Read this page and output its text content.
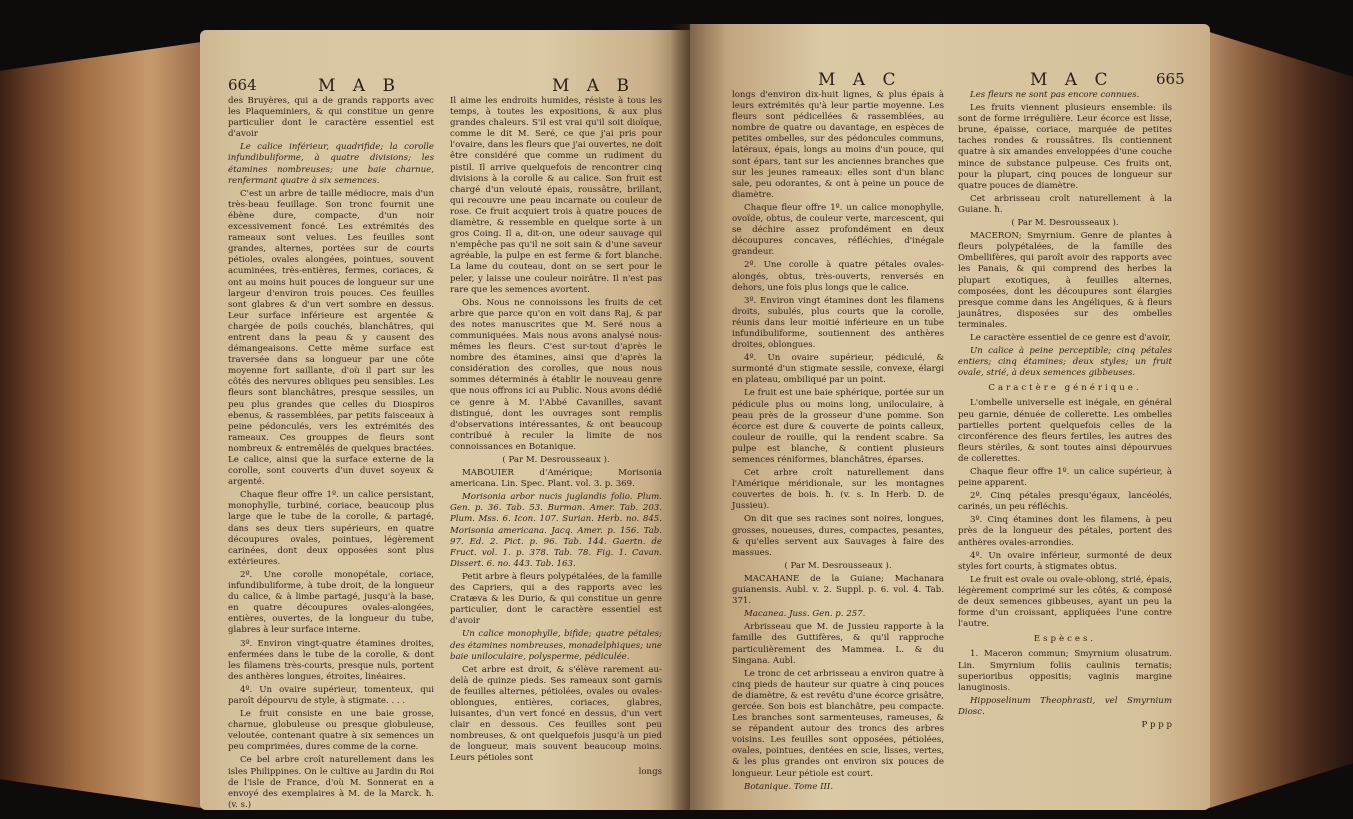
664	M A B	M A B

des Bruyères, qui a de grands rapports avec les Plaqueminiers, & qui constitue un genre particulier dont le caractère essentiel est d'avoir

Le calice inférieur, quadrifide; la corolle infundibuliforme, à quatre divisions; les étamines nombreuses; une baie charnue, renfermant quatre à six semences.

C'est un arbre de taille médiocre, mais d'un très-beau feuillage. Son tronc fournit une ébène dure, compacte, d'un noir excessivement foncé. Les extrémités des rameaux sont velues. Les feuilles sont grandes, alternes, portées sur de courts pétioles, ovales alongées, pointues, souvent acuminées, très-entières, fermes, coriaces, & ont au moins huit pouces de longueur sur une largeur d'environ trois pouces. Ces feuilles sont glabres & d'un vert sombre en dessus. Leur surface inférieure est argentée & chargée de poils couchés, blanchâtres, qui entrent dans la peau & y causent des démangeaisons. Cette même surface est traversée dans sa longueur par une côte moyenne fort saillante, d'où il part sur les côtés des nervures obliques peu sensibles. Les fleurs sont blanchâtres, presque sessiles, un peu plus grandes que celles du Diospiros ebenus, & rassemblées, par petits faisceaux à peine pédonculés, vers les extrémités des rameaux. Ces grouppes de fleurs sont nombreux & entremêlés de quelques bractées. Le calice, ainsi que la surface externe de la corolle, sont couverts d'un duvet soyeux & argenté.

Chaque fleur offre 1º. un calice persistant, monophylle, turbiné, coriace, beaucoup plus large que le tube de la corolle, & partagé, dans ses deux tiers supérieurs, en quatre découpures ovales, pointues, légèrement carinées, dont deux opposées sont plus extérieures.

2º. Une corolle monopétale, coriace, infundibuliforme, à tube droit, de la longueur du calice, & à limbe partagé, jusqu'à la base, en quatre découpures ovales-alongées, entières, ouvertes, de la longueur du tube, glabres à leur surface interne.

3º. Environ vingt-quatre étamines droites, enfermées dans le tube de la corolle, & dont les filamens très-courts, presque nuls, portent des anthères longues, étroites, linéaires.

4º. Un ovaire supérieur, tomenteux, qui paroît dépourvu de style, à stigmate. . . .

Le fruit consiste en une baie grosse, charnue, globuleuse ou presque globuleuse, veloutée, contenant quatre à six semences un peu comprimées, dures comme de la corne.

Ce bel arbre croît naturellement dans les isles Philippines. On le cultive au Jardin du Roi de l'isle de France, d'où M. Sonnerat en a envoyé des exemplaires à M. de la Marck. ħ. (v. s.)

Il aime les endroits humides, résiste à tous les temps, à toutes les expositions, & aux plus grandes chaleurs. S'il est vrai qu'il soit dioïque, comme le dit M. Seré, ce que j'ai pris pour l'ovaire, dans les fleurs que j'ai ouvertes, ne doit être considéré que comme un rudiment du pistil. Il arrive quelquefois de rencontrer cinq divisions à la corolle & au calice. Son fruit est chargé d'un velouté épais, roussâtre, brillant, qui recouvre une peau incarnate ou couleur de rose. Ce fruit acquiert trois à quatre pouces de diamètre, & ressemble en quelque sorte à un gros Coing. Il a, dit-on, une odeur sauvage qui n'empêche pas qu'il ne soit sain & d'une saveur agréable, la pulpe en est ferme & fort blanche. La lame du couteau, dont on se sert pour le peler, y laisse une couleur noirâtre. Il n'est pas rare que les semences avortent.

Obs. Nous ne connoissons les fruits de cet arbre que parce qu'on en voit dans Raj, & par des notes manuscrites que M. Seré nous a communiquées. Mais nous avons analysé nous-mêmes les fleurs. C'est sur-tout d'après le nombre des étamines, ainsi que d'après la considération des corolles, que nous nous sommes déterminés à établir le nouveau genre que nous offrons ici au Public. Nous avons dédié ce genre à M. l'Abbé Cavanilles, savant distingué, dont les ouvrages sont remplis d'observations intéressantes, & ont beaucoup contribué à reculer la limite de nos connoissances en Botanique.

( Par M. Desrousseaux ).

MABOUIER d'Amérique; Morisonia americana. Lin. Spec. Plant. vol. 3. p. 369.

Morisonia arbor nucis juglandis folio. Plum. Gen. p. 36. Tab. 53. Burman. Amer. Tab. 203. Plum. Mss. 6. Icon. 107. Surian. Herb. no. 845. Morisonia americana. Jacq. Amer. p. 156. Tab. 97. Ed. 2. Pict. p. 96. Tab. 144. Gaertn. de Fruct. vol. 1. p. 378. Tab. 78. Fig. 1. Cavan. Dissert. 6. no. 443. Tab. 163.

Petit arbre à fleurs polypétalées, de la famille des Capriers, qui a des rapports avec les Cratæva & les Durio, & qui constitue un genre particulier, dont le caractère essentiel est d'avoir

Un calice monophylle, bifide; quatre pétales; des étamines nombreuses, monadelphiques; une baie uniloculaire, polysperme, pédiculée.

Cet arbre est droit, & s'élève rarement au-delà de quinze pieds. Ses rameaux sont garnis de feuilles alternes, pétiolées, ovales ou ovales-oblongues, entières, coriaces, glabres, luisantes, d'un vert foncé en dessus, d'un vert clair en dessous. Ces feuilles sont peu nombreuses, & ont quelquefois jusqu'à un pied de longueur, mais souvent beaucoup moins. Leurs pétioles sont

longs

M A C	M A C	665

longs d'environ dix-huit lignes, & plus épais à leurs extrémités qu'à leur partie moyenne. Les fleurs sont pédicellées & rassemblées, au nombre de quatre ou davantage, en espèces de petites ombelles, sur des pédoncules communs, latéraux, épais, longs au moins d'un pouce, qui sont épars, tant sur les anciennes branches que sur les jeunes rameaux: elles sont d'un blanc sale, peu odorantes, & ont à peine un pouce de diamètre.

Chaque fleur offre 1º. un calice monophylle, ovoïde, obtus, de couleur verte, marcescent, qui se déchire assez profondément en deux découpures concaves, réfléchies, d'inégale grandeur.

2º. Une corolle à quatre pétales ovales-alongés, obtus, très-ouverts, renversés en dehors, une fois plus longs que le calice.

3º. Environ vingt étamines dont les filamens droits, subulés, plus courts que la corolle, réunis dans leur moitié inférieure en un tube infundibuliforme, soutiennent des anthères droites, oblongues.

4º. Un ovaire supérieur, pédiculé, & surmonté d'un stigmate sessile, convexe, élargi en plateau, ombiliqué par un point.

Le fruit est une baie sphérique, portée sur un pédicule plus ou moins long, uniloculaire, à peau près de la grosseur d'une pomme. Son écorce est dure & couverte de points calleux, couleur de rouille, qui la rendent scabre. Sa pulpe est blanche, & contient plusieurs semences réniformes, blanchâtres, éparses.

Cet arbre croît naturellement dans l'Amérique méridionale, sur les montagnes couvertes de bois. ħ. (v. s. In Herb. D. de Jussieu).

On dit que ses racines sont noires, longues, grosses, noueuses, dures, compactes, pesantes, & qu'elles servent aux Sauvages à faire des massues.

( Par M. Desrousseaux ).

MACAHANE de la Guiane; Machanara guianensis. Aubl. v. 2. Suppl. p. 6. vol. 4. Tab. 371.

Macanea. Juss. Gen. p. 257.

Arbrisseau que M. de Jussieu rapporte à la famille des Guttifères, & qu'il rapproche particulièrement des Mammea. L. & du Singana. Aubl.

Le tronc de cet arbrisseau a environ quatre à cinq pieds de hauteur sur quatre à cinq pouces de diamètre, & est revêtu d'une écorce grisâtre, gercée. Son bois est blanchâtre, peu compacte. Les branches sont sarmenteuses, rameuses, & se répandent autour des troncs des arbres voisins. Les feuilles sont opposées, pétiolées, ovales, pointues, dentées en scie, lisses, vertes, & les plus grandes ont environ six pouces de longueur. Leur pétiole est court.

Botanique. Tome III.

Les fleurs ne sont pas encore connues.

Les fruits viennent plusieurs ensemble: ils sont de forme irrégulière. Leur écorce est lisse, brune, épaisse, coriace, marquée de petites taches rondes & roussâtres. Ils contiennent quatre à six amandes enveloppées d'une couche mince de substance pulpeuse. Ces fruits ont, pour la plupart, cinq pouces de longueur sur quatre pouces de diamètre.

Cet arbrisseau croît naturellement à la Guiane. ħ.

( Par M. Desrousseaux ).

MACERON; Smyrnium. Genre de plantes à fleurs polypétalées, de la famille des Ombellifères, qui paroît avoir des rapports avec les Panais, & qui comprend des herbes la plupart exotiques, à feuilles alternes, composées, dont les découpures sont élargies presque comme dans les Angéliques, & à fleurs jaunâtres, disposées sur des ombelles terminales.

Le caractère essentiel de ce genre est d'avoir,

Un calice à peine perceptible; cinq pétales entiers; cinq étamines; deux styles; un fruit ovale, strié, à deux semences gibbeuses.

Caractère générique.

L'ombelle universelle est inégale, en général peu garnie, dénuée de collerette. Les ombelles partielles portent quelquefois celles de la circonférence des fleurs fertiles, les autres des fleurs stériles, & sont toutes ainsi dépourvues de collerettes.

Chaque fleur offre 1º. un calice supérieur, à peine apparent.

2º. Cinq pétales presqu'égaux, lancéolés, carinés, un peu réfléchis.

3º. Cinq étamines dont les filamens, à peu près de la longueur des pétales, portent des anthères ovales-arrondies.

4º. Un ovaire inférieur, surmonté de deux styles fort courts, à stigmates obtus.

Le fruit est ovale ou ovale-oblong, strié, épais, légèrement comprimé sur les côtés, & composé de deux semences gibbeuses, ayant un peu la forme d'un croissant, appliquées l'une contre l'autre.

Espèces.

1. Maceron commun; Smyrnium olusatrum. Lin. Smyrnium foliis caulinis ternatis; superioribus oppositis; vaginis margine lanuginosis.

Hipposelinum Theophrasti, vel Smyrnium Diosc.

P p p p
